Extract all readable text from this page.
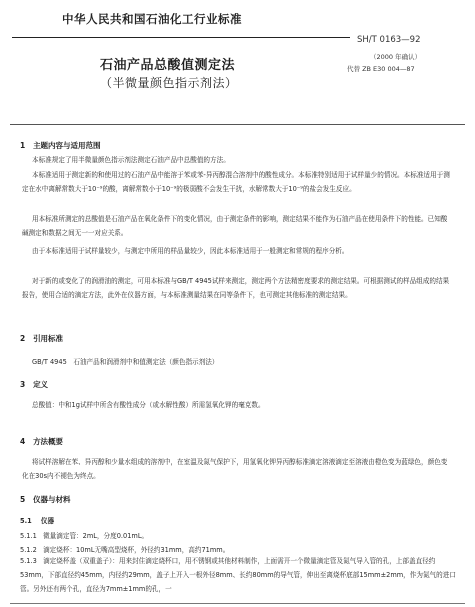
中华人民共和国石油化工行业标准
SH/T 0163—92
石油产品总酸值测定法
（半微量颜色指示剂法）
（2000 年确认）
代替 ZB E30 004—87
1 主题内容与适用范围
本标准规定了用半微量颜色指示剂法测定石油产品中总酸值的方法。
本标准适用于测定新的和使用过的石油产品中能溶于苯或苯-异丙醇混合溶剂中的酸性成分。本标准特别适用于试样量少的情况。本标准适用于测定在水中离解常数大于10⁻⁹的酸，离解常数小于10⁻⁹的极弱酸不会发生干扰，水解常数大于10⁻⁹的盐会发生反应。
用本标准所测定的总酸值是石油产品在氧化条件下的变化情况，由于测定条件的影响，测定结果不能作为石油产品在使用条件下的性能。已知酸碱测定和数据之间无一一对应关系。
由于本标准适用于试样量较少，与测定中所用的样品量较少，因此本标准适用于一般测定和常规的程序分析。
对于新的或变化了的润滑油的测定，可用本标准与GB/T 4945试样来测定，测定两个方法精密度要求的测定结果。可根据测试的样品组成的结果报告，使用合适的滴定方法，此外在仪器方面，与本标准测量结果在同等条件下，也可测定其他标准的测定结果。
2 引用标准
GB/T 4945　石油产品和润滑剂中和值测定法（颜色指示剂法）
3 定义
总酸值：中和1g试样中所含有酸性成分（或水解性酸）所需氢氧化钾的毫克数。
4 方法概要
将试样溶解在苯、异丙醇和少量水组成的溶剂中，在室温及氮气保护下，用氢氧化钾异丙醇标准滴定溶液滴定至溶液由橙色变为蓝绿色，颜色变化在30s内不褪色为终点。
5 仪器与材料
5.1 仪器
5.1.1 微量滴定管：2mL，分度0.01mL。
5.1.2 滴定烧杯：10mL无嘴高型烧杯，外径约31mm，高约71mm。
5.1.3 滴定烧杯盖（双重盖子）：用来封住滴定烧杯口，用不锈钢或其他材料制作，上面需开一个微量滴定管及氮气导入管的孔，上部盖直径约53mm，下部直径约45mm，内径约29mm，盖子上开入一根外径8mm、长约80mm的导气管，伸出至离烧杯底部15mm±2mm，作为氮气的进口管。另外还有两个孔，直径为7mm±1mm的孔，一
